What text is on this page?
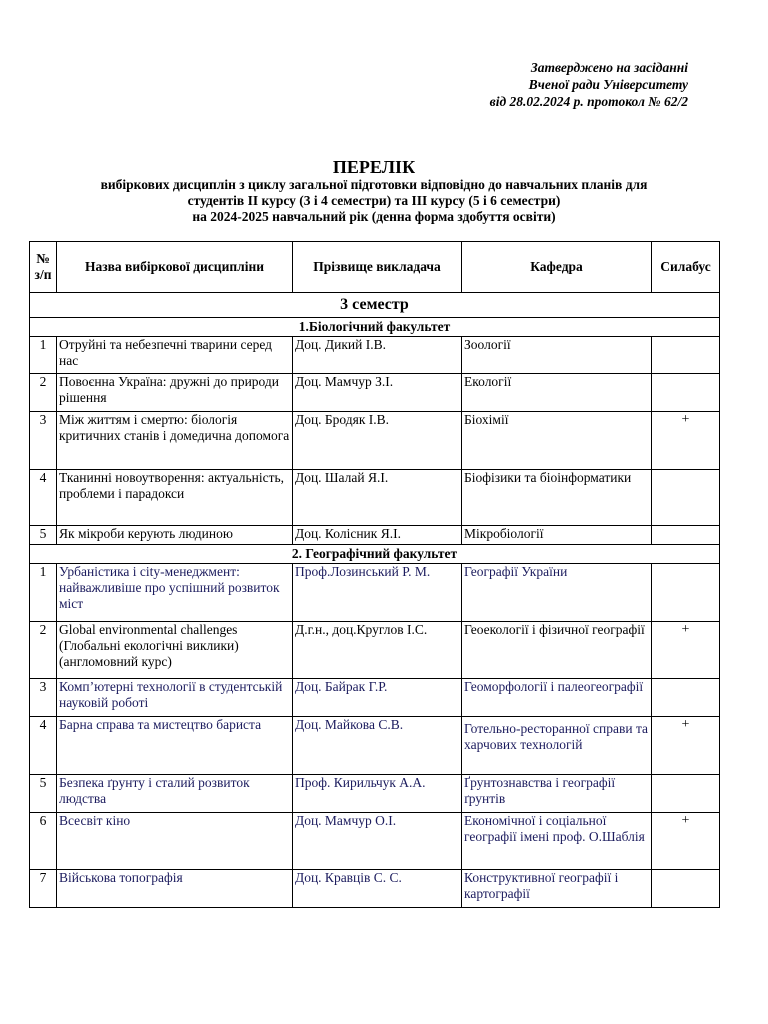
Затверджено на засіданні
Вченої ради Університету
від 28.02.2024 р. протокол № 62/2
ПЕРЕЛІК
вибіркових дисциплін з циклу загальної підготовки відповідно до навчальних планів для
студентів ІІ курсу (3 і 4 семестри) та ІІІ курсу (5 і 6 семестри)
на 2024-2025 навчальний рік (денна форма здобуття освіти)
№ з/п	Назва вибіркової дисципліни	Прізвище викладача	Кафедра	Силабус
3 семестр				
1.Біологічний факультет				
1	Отруйні та небезпечні тварини серед нас	Доц. Дикий І.В.	Зоології	
2	Повоєнна Україна: дружні до природи рішення	Доц. Мамчур З.І.	Екології	
3	Між життям і смертю: біологія критичних станів і домедична допомога	Доц. Бродяк І.В.	Біохімії	+
4	Тканинні новоутворення: актуальність, проблеми і парадокси	Доц. Шалай Я.І.	Біофізики та біоінформатики	
5	Як мікроби керують людиною	Доц. Колісник Я.І.	Мікробіології	
2. Географічний факультет				
1	Урбаністика і city-менеджмент: найважливіше про успішний розвиток міст	Проф.Лозинський Р. М.	Географії України	
2	Global environmental challenges (Глобальні екологічні виклики) (англомовний курс)	Д.г.н., доц.Круглов І.С.	Геоекології і фізичної географії	+
3	Комп’ютерні технології в студентській науковій роботі	Доц. Байрак Г.Р.	Геоморфології і палеогеографії	
4	Барна справа та мистецтво бариста	Доц. Майкова С.В.	Готельно-ресторанної справи та харчових технологій	+
5	Безпека ґрунту і сталий розвиток людства	Проф. Кирильчук А.А.	Ґрунтознавства і географії ґрунтів	
6	Всесвіт кіно	Доц. Мамчур О.І.	Економічної і соціальної географії імені проф. О.Шаблія	+
7	Військова топографія	Доц. Кравців С. С.	Конструктивної географії і картографії	
